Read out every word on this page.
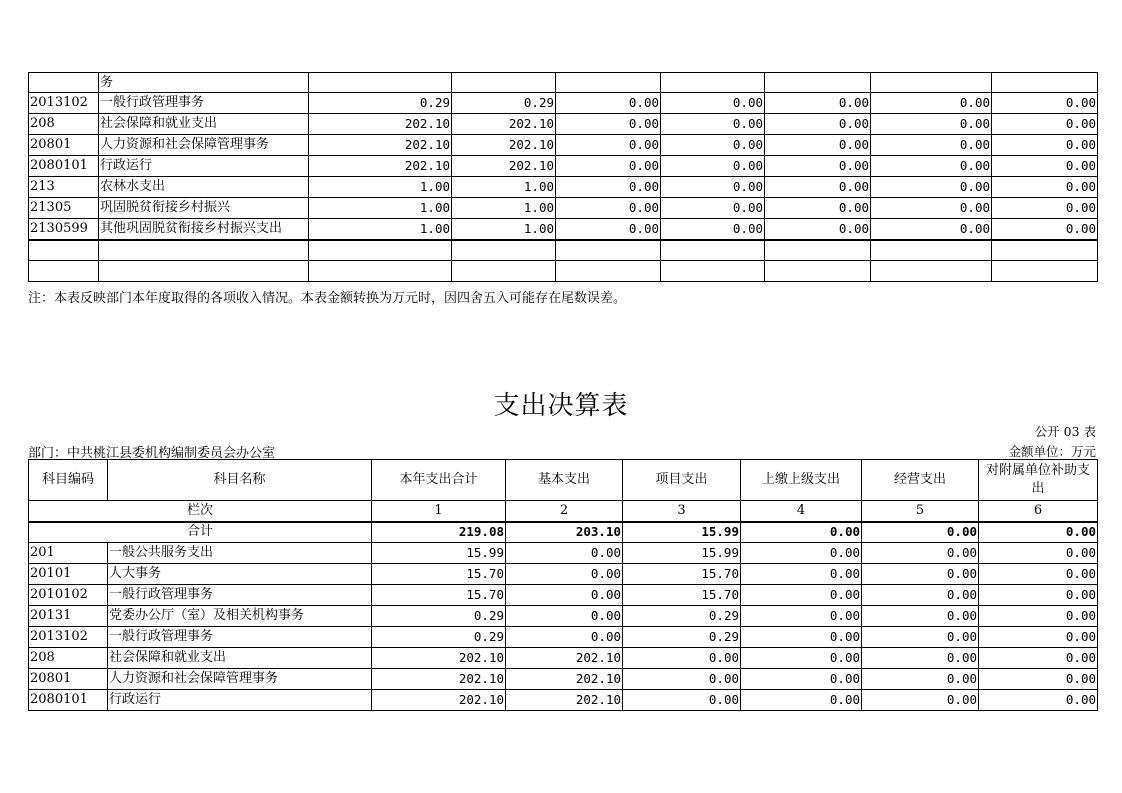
	务							
2013102	一般行政管理事务	0.29	0.29	0.00	0.00	0.00	0.00	0.00
208	社会保障和就业支出	202.10	202.10	0.00	0.00	0.00	0.00	0.00
20801	人力资源和社会保障管理事务	202.10	202.10	0.00	0.00	0.00	0.00	0.00
2080101	行政运行	202.10	202.10	0.00	0.00	0.00	0.00	0.00
213	农林水支出	1.00	1.00	0.00	0.00	0.00	0.00	0.00
21305	巩固脱贫衔接乡村振兴	1.00	1.00	0.00	0.00	0.00	0.00	0.00
2130599	其他巩固脱贫衔接乡村振兴支出	1.00	1.00	0.00	0.00	0.00	0.00	0.00

注：本表反映部门本年度取得的各项收入情况。本表金额转换为万元时，因四舍五入可能存在尾数误差。
支出决算表
公开 03 表
部门：中共桃江县委机构编制委员会办公室	金额单位：万元
科目编码	科目名称	本年支出合计	基本支出	项目支出	上缴上级支出	经营支出	对附属单位补助支出
栏次		1	2	3	4	5	6
合计		219.08	203.10	15.99	0.00	0.00	0.00
201	一般公共服务支出	15.99	0.00	15.99	0.00	0.00	0.00
20101	人大事务	15.70	0.00	15.70	0.00	0.00	0.00
2010102	一般行政管理事务	15.70	0.00	15.70	0.00	0.00	0.00
20131	党委办公厅（室）及相关机构事务	0.29	0.00	0.29	0.00	0.00	0.00
2013102	一般行政管理事务	0.29	0.00	0.29	0.00	0.00	0.00
208	社会保障和就业支出	202.10	202.10	0.00	0.00	0.00	0.00
20801	人力资源和社会保障管理事务	202.10	202.10	0.00	0.00	0.00	0.00
2080101	行政运行	202.10	202.10	0.00	0.00	0.00	0.00
